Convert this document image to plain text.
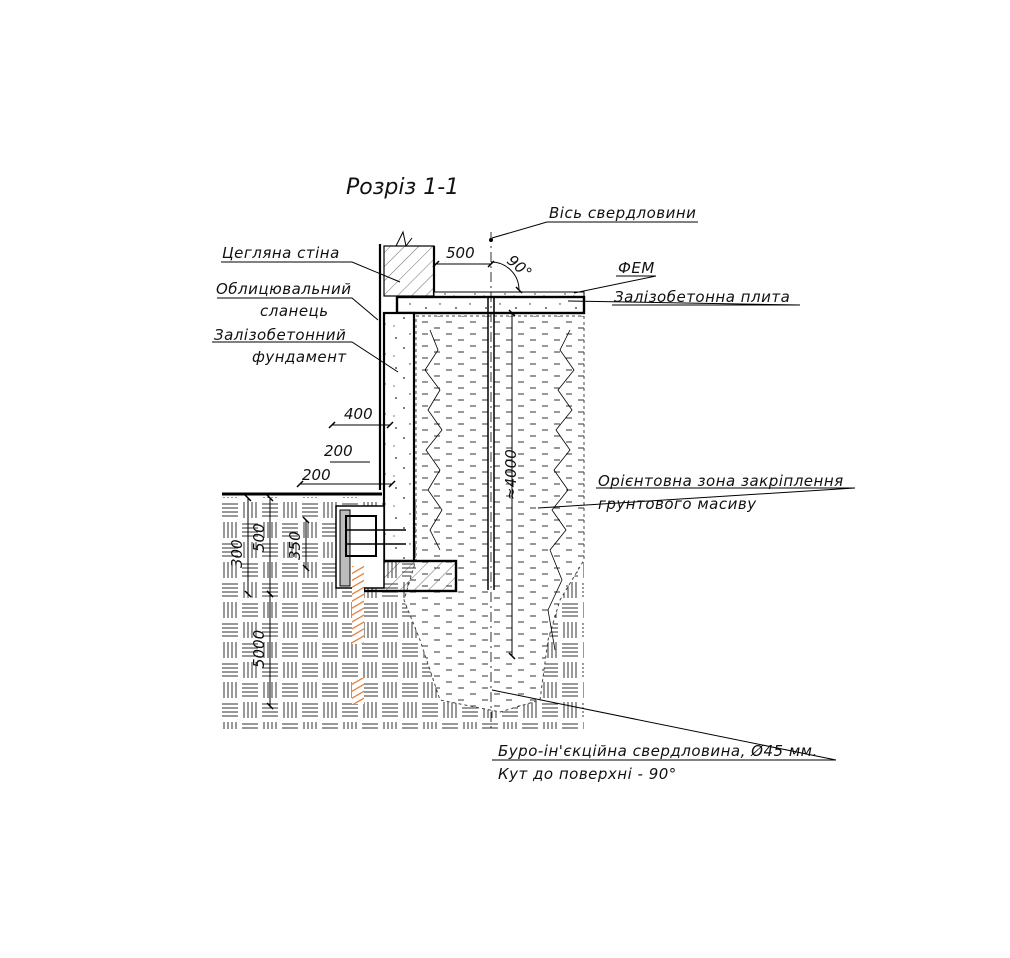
Розріз 1-1
Вісь свердловини
Цегляна стіна
Облицювальний
сланець
Залізобетонний
фундамент
ФЕМ
Залізобетонна плита
Орієнтовна зона закріплення
грунтового масиву
Буро-ін'єкційна свердловина, Ø45 мм.
Кут до поверхні - 90°
500 90°
400
200
200	≈4000
300
500 350
5000
